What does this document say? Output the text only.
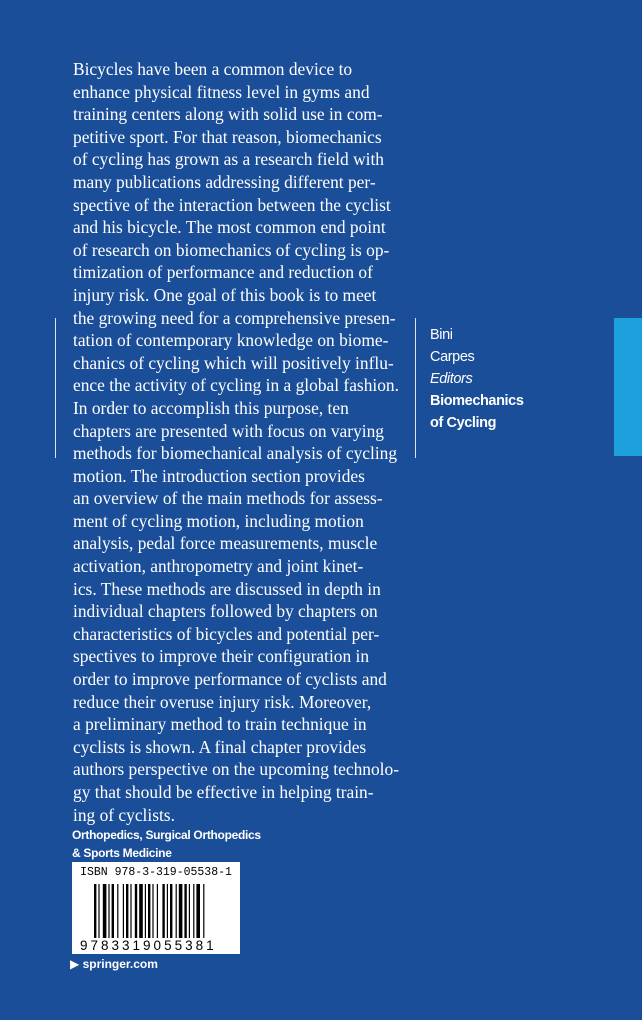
Bicycles have been a common device to
enhance physical fitness level in gyms and
training centers along with solid use in com-
petitive sport. For that reason, biomechanics
of cycling has grown as a research field with
many publications addressing different per-
spective of the interaction between the cyclist
and his bicycle. The most common end point
of research on biomechanics of cycling is op-
timization of performance and reduction of
injury risk. One goal of this book is to meet
the growing need for a comprehensive presen-
tation of contemporary knowledge on biome-
chanics of cycling which will positively influ-
ence the activity of cycling in a global fashion.
In order to accomplish this purpose, ten
chapters are presented with focus on varying
methods for biomechanical analysis of cycling
motion. The introduction section provides
an overview of the main methods for assess-
ment of cycling motion, including motion
analysis, pedal force measurements, muscle
activation, anthropometry and joint kinet-
ics. These methods are discussed in depth in
individual chapters followed by chapters on
characteristics of bicycles and potential per-
spectives to improve their configuration in
order to improve performance of cyclists and
reduce their overuse injury risk. Moreover,
a preliminary method to train technique in
cyclists is shown. A final chapter provides
authors perspective on the upcoming technolo-
gy that should be effective in helping train-
ing of cyclists.
Bini
Carpes
Editors
Biomechanics
of Cycling
Orthopedics, Surgical Orthopedics
& Sports Medicine
ISBN 978-3-319-05538-1
9783319055381
▶ springer.com
